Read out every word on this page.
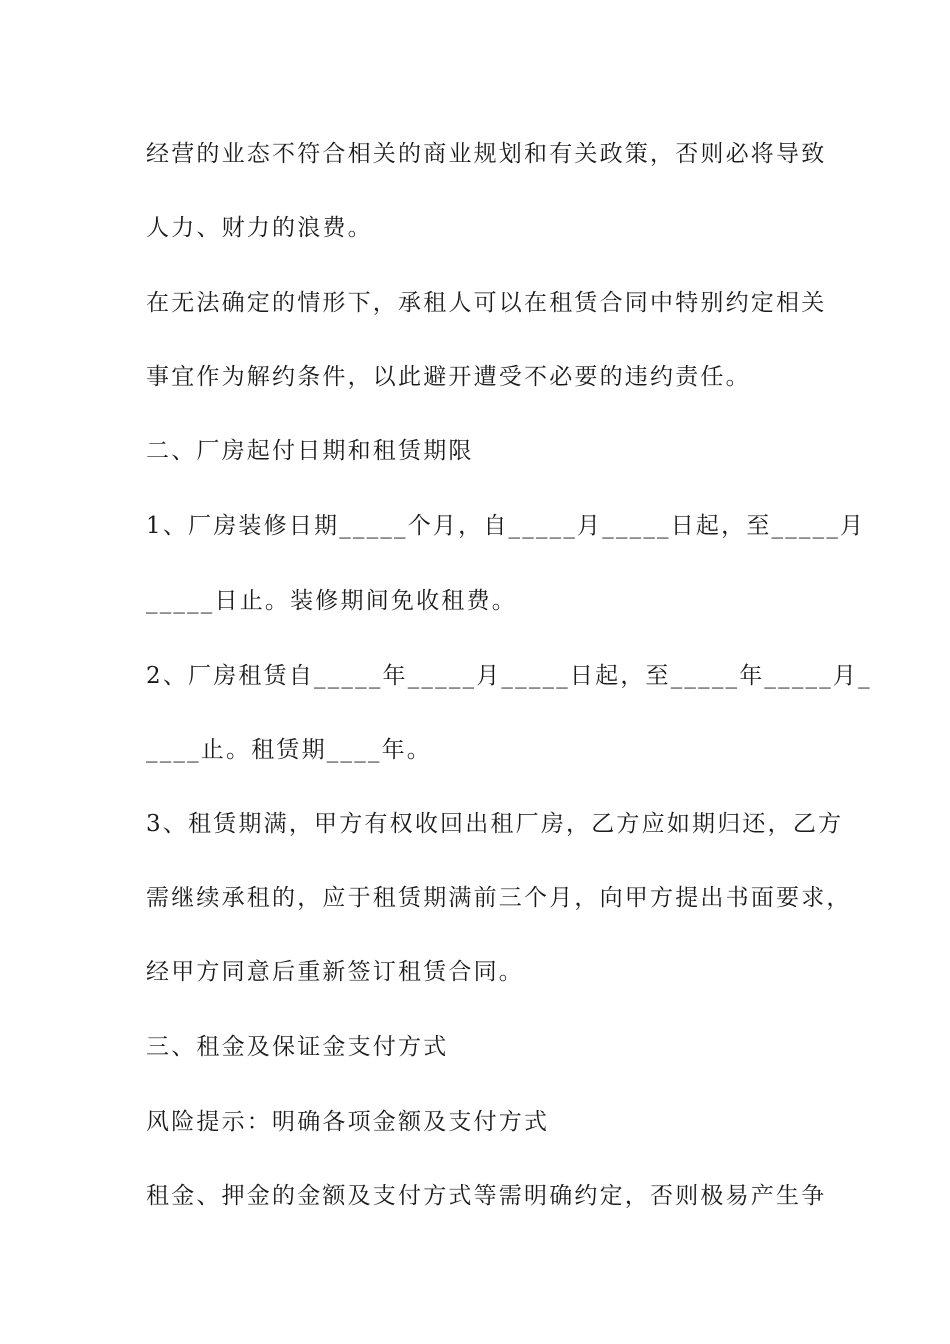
经营的业态不符合相关的商业规划和有关政策，否则必将导致

人力、财力的浪费。

在无法确定的情形下，承租人可以在租赁合同中特别约定相关

事宜作为解约条件，以此避开遭受不必要的违约责任。

二、厂房起付日期和租赁期限

1、厂房装修日期_____个月，自_____月_____日起，至_____月

_____日止。装修期间免收租费。

2、厂房租赁自_____年_____月_____日起，至_____年_____月_

____止。租赁期____年。

3、租赁期满，甲方有权收回出租厂房，乙方应如期归还，乙方

需继续承租的，应于租赁期满前三个月，向甲方提出书面要求，

经甲方同意后重新签订租赁合同。

三、租金及保证金支付方式

风险提示：明确各项金额及支付方式

租金、押金的金额及支付方式等需明确约定，否则极易产生争
